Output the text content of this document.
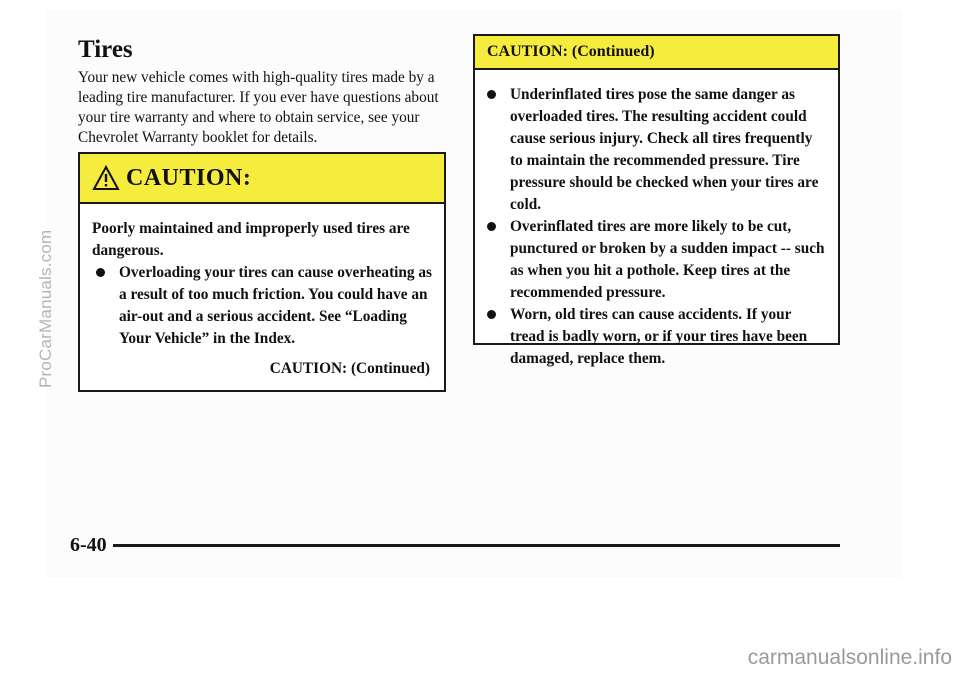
Tires

Your new vehicle comes with high-quality tires made by a leading tire manufacturer. If you ever have questions about your tire warranty and where to obtain service, see your Chevrolet Warranty booklet for details.

CAUTION:

Poorly maintained and improperly used tires are dangerous.

Overloading your tires can cause overheating as a result of too much friction. You could have an air-out and a serious accident. See “Loading Your Vehicle” in the Index.

CAUTION: (Continued)

CAUTION: (Continued)
Underinflated tires pose the same danger as overloaded tires. The resulting accident could cause serious injury. Check all tires frequently to maintain the recommended pressure. Tire pressure should be checked when your tires are cold.
Overinflated tires are more likely to be cut, punctured or broken by a sudden impact -- such as when you hit a pothole. Keep tires at the recommended pressure.
Worn, old tires can cause accidents. If your tread is badly worn, or if your tires have been damaged, replace them.
6-40
ProCarManuals.com
carmanualsonline.info
